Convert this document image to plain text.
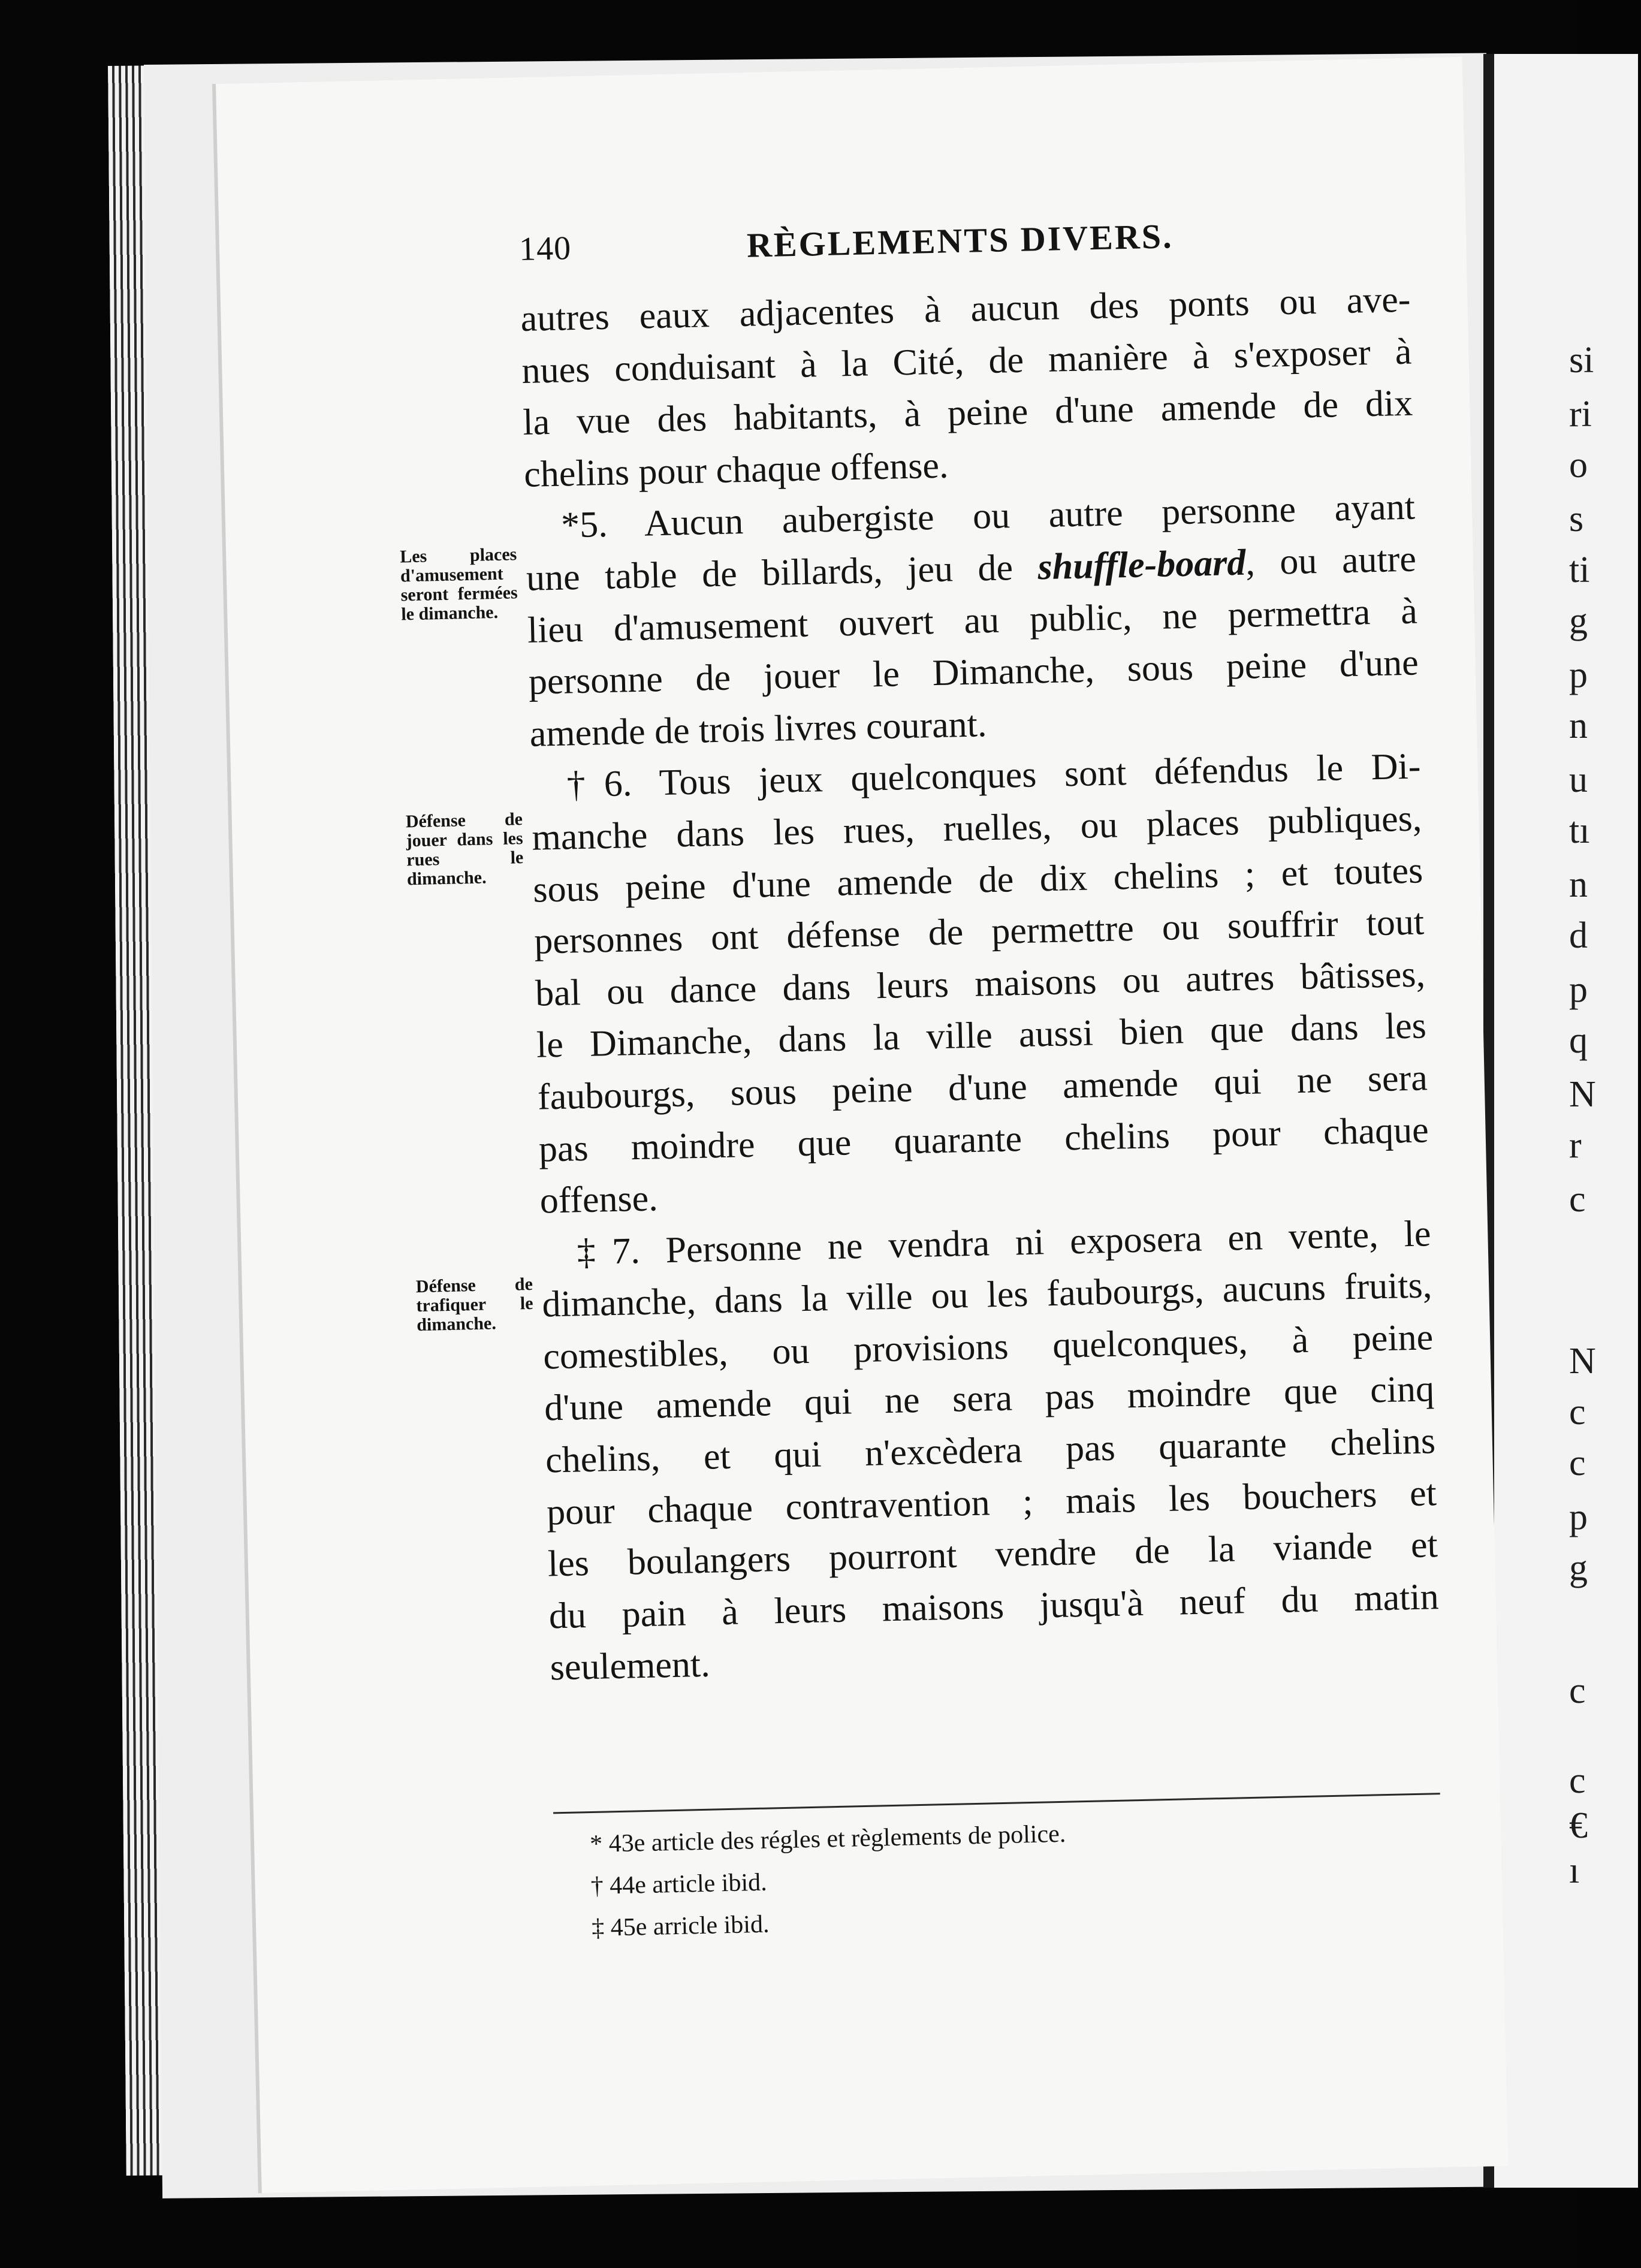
si
ri
o
s
ti
g
p
n
u
tı
n
d
p
q
N
r
c
N
c
c
p
g
c
c
€
ı
140	RÈGLEMENTS DIVERS.
Les places d'amusement seront fermées le dimanche.
Défense de jouer dans les rues le dimanche.
Défense de trafiquer le dimanche.
autres eaux adjacentes à aucun des ponts ou ave-
nues conduisant à la Cité, de manière à s'exposer à
la vue des habitants, à peine d'une amende de dix
chelins pour chaque offense.
*5. Aucun aubergiste ou autre personne ayant
une table de billards, jeu de shuffle-board, ou autre
lieu d'amusement ouvert au public, ne permettra à
personne de jouer le Dimanche, sous peine d'une
amende de trois livres courant.
†6. Tous jeux quelconques sont défendus le Di-
manche dans les rues, ruelles, ou places publiques,
sous peine d'une amende de dix chelins ; et toutes
personnes ont défense de permettre ou souffrir tout
bal ou dance dans leurs maisons ou autres bâtisses,
le Dimanche, dans la ville aussi bien que dans les
faubourgs, sous peine d'une amende qui ne sera
pas moindre que quarante chelins pour chaque
offense.
‡7. Personne ne vendra ni exposera en vente, le
dimanche, dans la ville ou les faubourgs, aucuns fruits,
comestibles, ou provisions quelconques, à peine
d'une amende qui ne sera pas moindre que cinq
chelins, et qui n'excèdera pas quarante chelins
pour chaque contravention ; mais les bouchers et
les boulangers pourront vendre de la viande et
du pain à leurs maisons jusqu'à neuf du matin
seulement.
* 43e article des régles et règlements de police.
† 44e article ibid.
‡ 45e arricle ibid.
